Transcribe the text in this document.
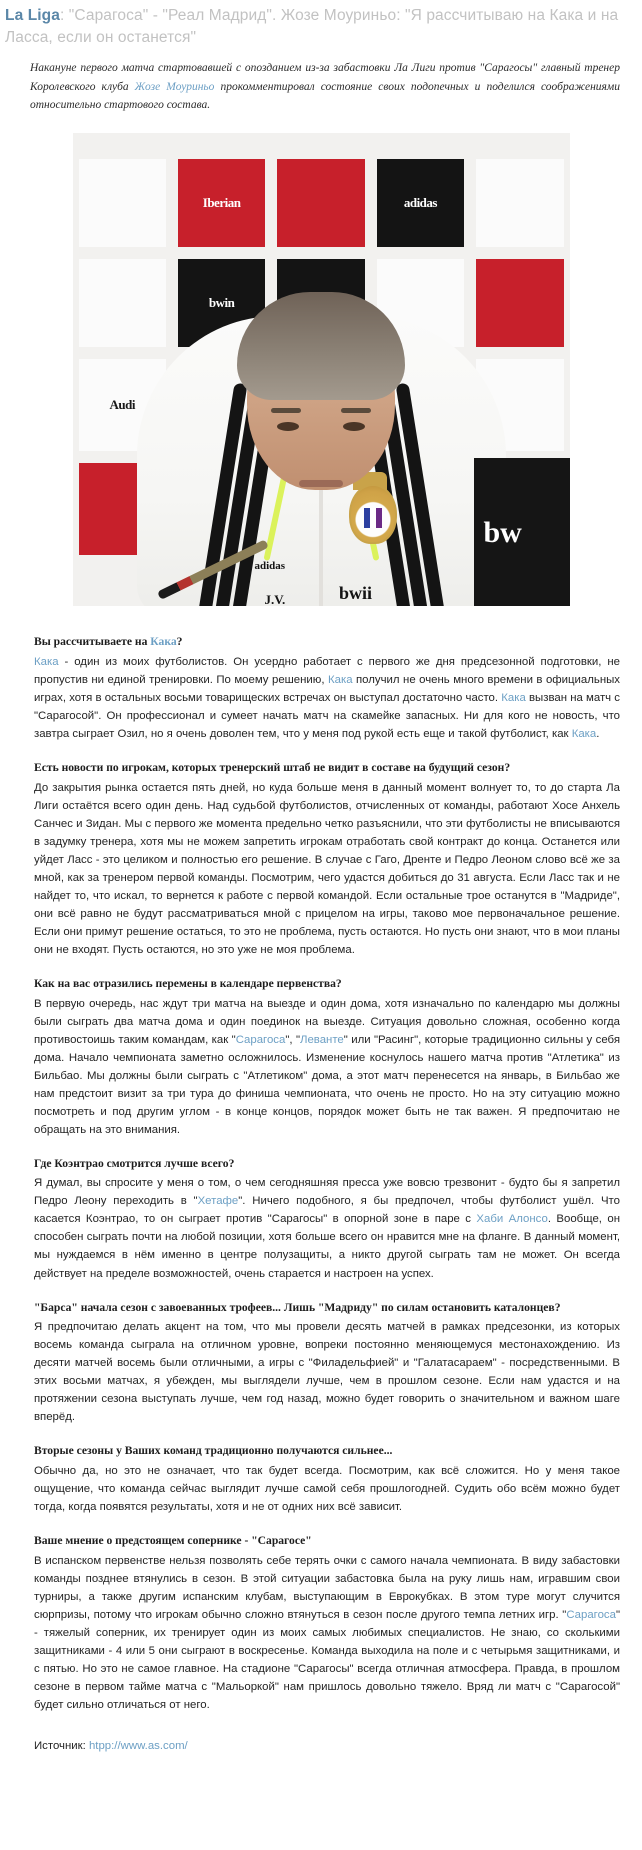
La Liga: "Сарагоса" - "Реал Мадрид". Жозе Моуриньо: "Я рассчитываю на Кака и на Ласса, если он останется"

Накануне первого матча стартовавшей с опозданием из-за забастовки Ла Лиги против "Сарагосы" главный тренер Королевского клуба Жозе Моуриньо прокомментировал состояние своих подопечных и поделился соображениями относительно стартового состава.

Iberian	adidas
bwin
Audi
bwii
J.V.
adidas
bw
Вы рассчитываете на Кака?
Кака - один из моих футболистов. Он усердно работает с первого же дня предсезонной подготовки, не пропустив ни единой тренировки. По моему решению, Кака получил не очень много времени в официальных играх, хотя в остальных восьми товарищеских встречах он выступал достаточно часто. Кака вызван на матч с "Сарагосой". Он профессионал и сумеет начать матч на скамейке запасных. Ни для кого не новость, что завтра сыграет Озил, но я очень доволен тем, что у меня под рукой есть еще и такой футболист, как Кака.
Есть новости по игрокам, которых тренерский штаб не видит в составе на будущий сезон?
До закрытия рынка остается пять дней, но куда больше меня в данный момент волнует то, то до старта Ла Лиги остаётся всего один день. Над судьбой футболистов, отчисленных от команды, работают Хосе Анхель Санчес и Зидан. Мы с первого же момента предельно четко разъяснили, что эти футболисты не вписываются в задумку тренера, хотя мы не можем запретить игрокам отработать свой контракт до конца. Останется или уйдет Ласс - это целиком и полностью его решение. В случае с Гаго, Дренте и Педро Леоном слово всё же за мной, как за тренером первой команды. Посмотрим, чего удастся добиться до 31 августа. Если Ласс так и не найдет то, что искал, то вернется к работе с первой командой. Если остальные трое останутся в "Мадриде", они всё равно не будут рассматриваться мной с прицелом на игры, таково мое первоначальное решение. Если они примут решение остаться, то это не проблема, пусть остаются. Но пусть они знают, что в мои планы они не входят. Пусть остаются, но это уже не моя проблема.
Как на вас отразились перемены в календаре первенства?
В первую очередь, нас ждут три матча на выезде и один дома, хотя изначально по календарю мы должны были сыграть два матча дома и один поединок на выезде. Ситуация довольно сложная, особенно когда противостоишь таким командам, как "Сарагоса", "Леванте" или "Расинг", которые традиционно сильны у себя дома. Начало чемпионата заметно осложнилось. Изменение коснулось нашего матча против "Атлетика" из Бильбао. Мы должны были сыграть с "Атлетиком" дома, а этот матч перенесется на январь, в Бильбао же нам предстоит визит за три тура до финиша чемпионата, что очень не просто. Но на эту ситуацию можно посмотреть и под другим углом - в конце концов, порядок может быть не так важен. Я предпочитаю не обращать на это внимания.
Где Коэнтрао смотрится лучше всего?
Я думал, вы спросите у меня о том, о чем сегодняшняя пресса уже вовсю трезвонит - будто бы я запретил Педро Леону переходить в "Хетафе". Ничего подобного, я бы предпочел, чтобы футболист ушёл. Что касается Коэнтрао, то он сыграет против "Сарагосы" в опорной зоне в паре с Хаби Алонсо. Вообще, он способен сыграть почти на любой позиции, хотя больше всего он нравится мне на фланге. В данный момент, мы нуждаемся в нём именно в центре полузащиты, а никто другой сыграть там не может. Он всегда действует на пределе возможностей, очень старается и настроен на успех.
"Барса" начала сезон с завоеванных трофеев... Лишь "Мадриду" по силам остановить каталонцев?
Я предпочитаю делать акцент на том, что мы провели десять матчей в рамках предсезонки, из которых восемь команда сыграла на отличном уровне, вопреки постоянно меняющемуся местонахождению. Из десяти матчей восемь были отличными, а игры с "Филадельфией" и "Галатасараем" - посредственными. В этих восьми матчах, я убежден, мы выглядели лучше, чем в прошлом сезоне. Если нам удастся и на протяжении сезона выступать лучше, чем год назад, можно будет говорить о значительном и важном шаге вперёд.
Вторые сезоны у Ваших команд традиционно получаются сильнее...
Обычно да, но это не означает, что так будет всегда. Посмотрим, как всё сложится. Но у меня такое ощущение, что команда сейчас выглядит лучше самой себя прошлогодней. Судить обо всём можно будет тогда, когда появятся результаты, хотя и не от одних них всё зависит.
Ваше мнение о предстоящем сопернике - "Сарагосе"
В испанском первенстве нельзя позволять себе терять очки с самого начала чемпионата. В виду забастовки команды позднее втянулись в сезон. В этой ситуации забастовка была на руку лишь нам, игравшим свои турниры, а также другим испанским клубам, выступающим в Еврокубках. В этом туре могут случится сюрпризы, потому что игрокам обычно сложно втянуться в сезон после другого темпа летних игр. "Сарагоса" - тяжелый соперник, их тренирует один из моих самых любимых специалистов. Не знаю, со сколькими защитниками - 4 или 5 они сыграют в воскресенье. Команда выходила на поле и с четырьмя защитниками, и с пятью. Но это не самое главное. На стадионе "Сарагосы" всегда отличная атмосфера. Правда, в прошлом сезоне в первом тайме матча с "Мальоркой" нам пришлось довольно тяжело. Вряд ли матч с "Сарагосой" будет сильно отличаться от него.
Источник: htpp://www.as.com/
